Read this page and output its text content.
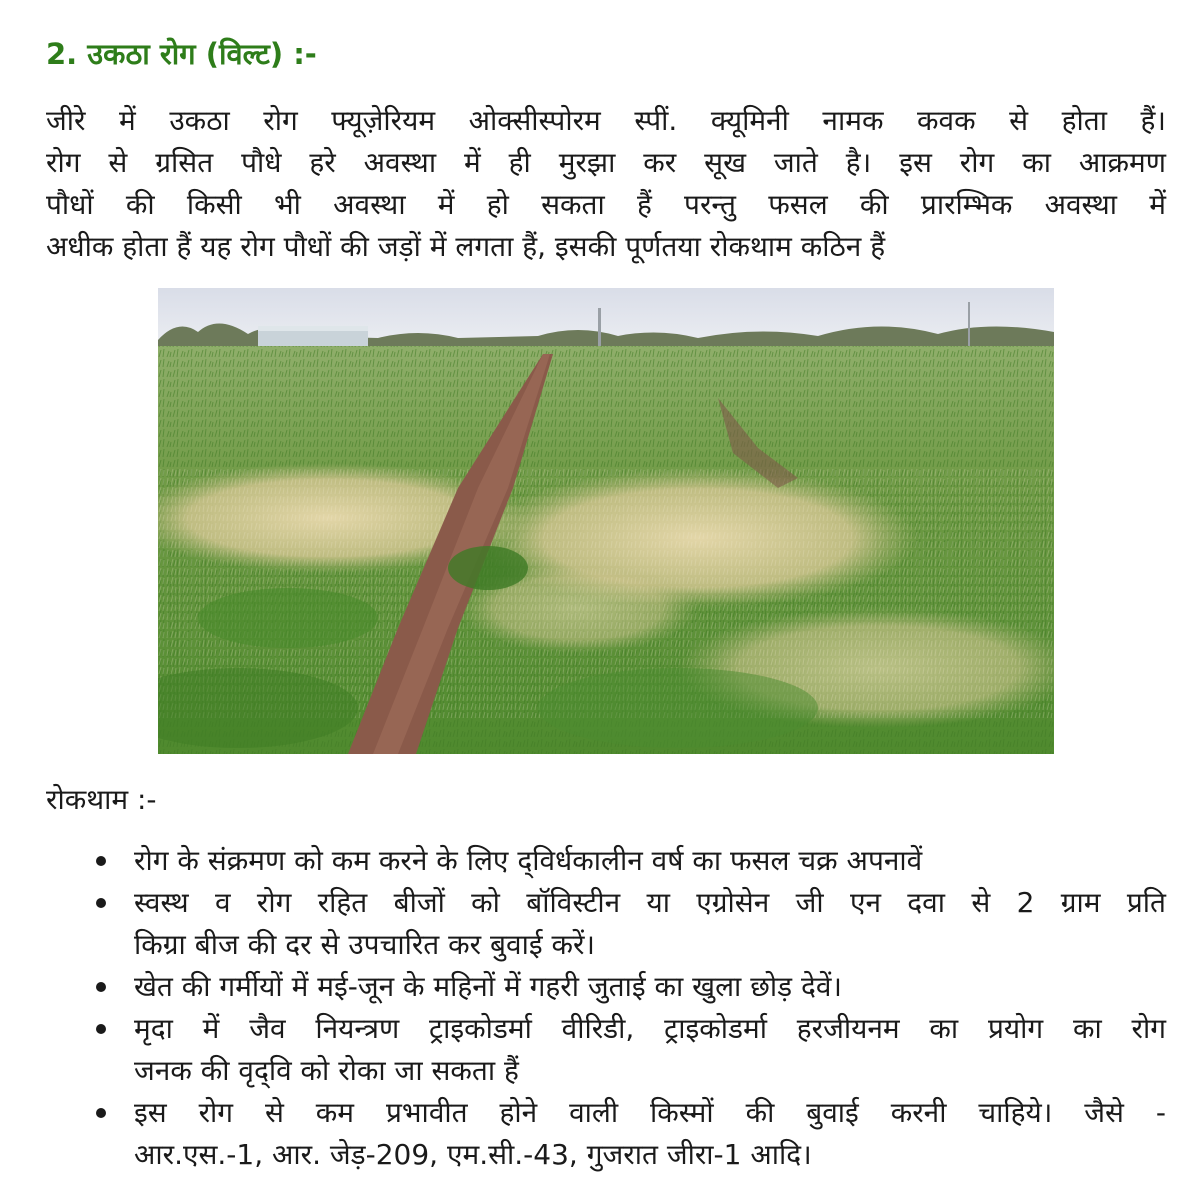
2. उकठा रोग (विल्ट) :-
जीरे में उकठा रोग फ्यूज़ेरियम ओक्सीस्पोरम स्पीं. क्यूमिनी नामक कवक से होता हैं।
रोग से ग्रसित पौधे हरे अवस्था में ही मुरझा कर सूख जाते है। इस रोग का आक्रमण
पौधों की किसी भी अवस्था में हो सकता हैं परन्तु फसल की प्रारम्भिक अवस्था में
अधीक होता हैं यह रोग पौधों की जड़ों में लगता हैं, इसकी पूर्णतया रोकथाम कठिन हैं
रोकथाम :-
रोग के संक्रमण को कम करने के लिए द्‌विर्धकालीन वर्ष का फसल चक्र अपनावें
स्वस्थ व रोग रहित बीजों को बॉविस्टीन या एग्रोसेन जी एन दवा से 2 ग्राम प्रति
किग्रा बीज की दर से उपचारित कर बुवाई करें।
खेत की गर्मीयों में मई-जून के महिनों में गहरी जुताई का खुला छोड़ देवें।
मृदा में जैव नियन्त्रण ट्राइकोडर्मा वीरिडी, ट्राइकोडर्मा हरजीयनम का प्रयोग का रोग
जनक की वृद्‌वि को रोका जा सकता हैं
इस रोग से कम प्रभावीत होने वाली किस्मों की बुवाई करनी चाहिये। जैसे -
आर.एस.-1, आर. जेड़-209, एम.सी.-43, गुजरात जीरा-1 आदि।
